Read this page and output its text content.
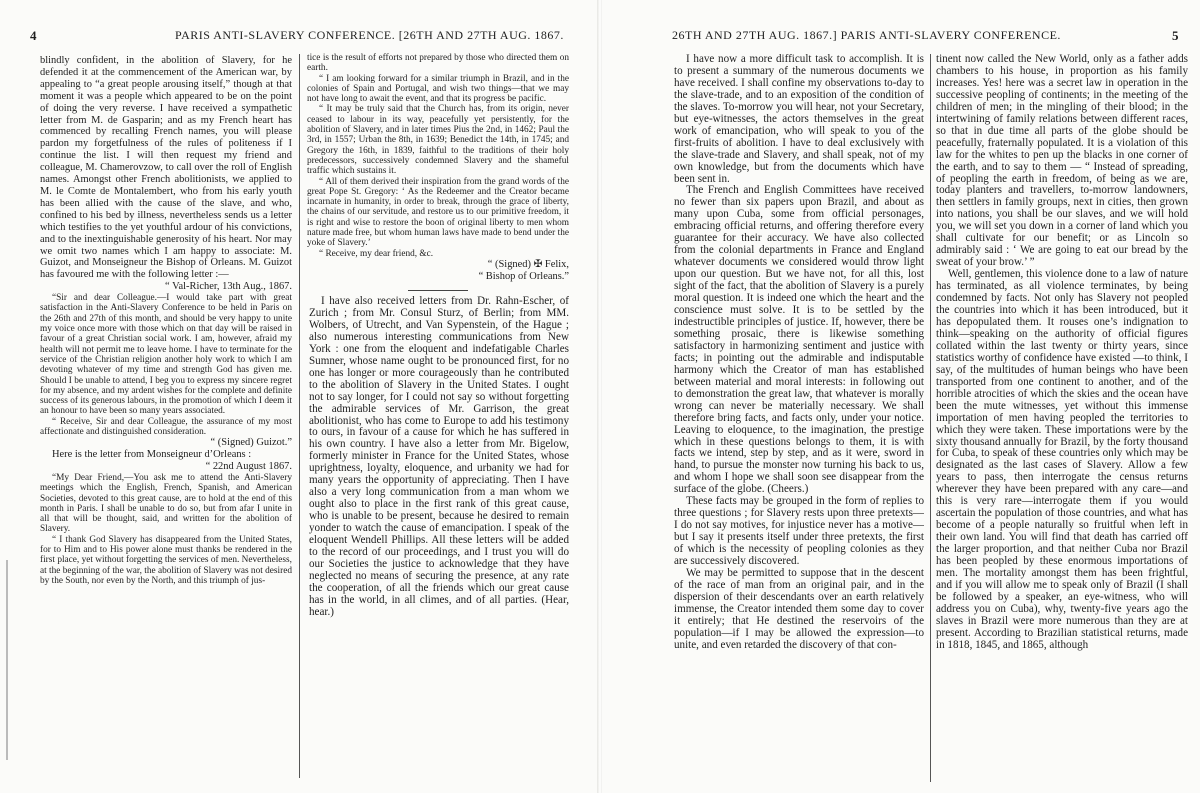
4	PARIS ANTI-SLAVERY CONFERENCE. [26TH AND 27TH AUG. 1867.

blindly confident, in the abolition of Slavery, for he defended it at the commencement of the American war, by appealing to “a great people arousing itself,” though at that moment it was a people which appeared to be on the point of doing the very reverse. I have received a sympathetic letter from M. de Gasparin; and as my French heart has commenced by recalling French names, you will please pardon my forgetfulness of the rules of politeness if I continue the list. I will then request my friend and colleague, M. Chamerovzow, to call over the roll of English names. Amongst other French abolitionists, we applied to M. le Comte de Montalembert, who from his early youth has been allied with the cause of the slave, and who, confined to his bed by illness, nevertheless sends us a letter which testifies to the yet youthful ardour of his convictions, and to the inextinguishable generosity of his heart. Nor may we omit two names which I am happy to associate: M. Guizot, and Monseigneur the Bishop of Orleans. M. Guizot has favoured me with the following letter :—

“ Val-Richer, 13th Aug., 1867.

“Sir and dear Colleague.—I would take part with great satisfaction in the Anti-Slavery Conference to be held in Paris on the 26th and 27th of this month, and should be very happy to unite my voice once more with those which on that day will be raised in favour of a great Christian social work. I am, however, afraid my health will not permit me to leave home. I have to terminate for the service of the Christian religion another holy work to which I am devoting whatever of my time and strength God has given me. Should I be unable to attend, I beg you to express my sincere regret for my absence, and my ardent wishes for the complete and definite success of its generous labours, in the promotion of which I deem it an honour to have been so many years associated.

“ Receive, Sir and dear Colleague, the assurance of my most affectionate and distinguished consideration.

“ (Signed) Guizot.”

Here is the letter from Monseigneur d’Orleans :

“ 22nd August 1867.

“My Dear Friend,—You ask me to attend the Anti-Slavery meetings which the English, French, Spanish, and American Societies, devoted to this great cause, are to hold at the end of this month in Paris. I shall be unable to do so, but from afar I unite in all that will be thought, said, and written for the abolition of Slavery.

“ I thank God Slavery has disappeared from the United States, for to Him and to His power alone must thanks be rendered in the first place, yet without forgetting the services of men. Nevertheless, at the beginning of the war, the abolition of Slavery was not desired by the South, nor even by the North, and this triumph of jus-

tice is the result of efforts not prepared by those who directed them on earth.

“ I am looking forward for a similar triumph in Brazil, and in the colonies of Spain and Portugal, and wish two things—that we may not have long to await the event, and that its progress be pacific.

“ It may be truly said that the Church has, from its origin, never ceased to labour in its way, peacefully yet persistently, for the abolition of Slavery, and in later times Pius the 2nd, in 1462; Paul the 3rd, in 1557; Urban the 8th, in 1639; Benedict the 14th, in 1745; and Gregory the 16th, in 1839, faithful to the traditions of their holy predecessors, successively condemned Slavery and the shameful traffic which sustains it.

“ All of them derived their inspiration from the grand words of the great Pope St. Gregory: ‘ As the Redeemer and the Creator became incarnate in humanity, in order to break, through the grace of liberty, the chains of our servitude, and restore us to our primitive freedom, it is right and wise to restore the boon of original liberty to men whom nature made free, but whom human laws have made to bend under the yoke of Slavery.’

“ Receive, my dear friend, &c.

“ (Signed) ✠ Felix,

“ Bishop of Orleans.”

I have also received letters from Dr. Rahn-Escher, of Zurich ; from Mr. Consul Sturz, of Berlin; from MM. Wolbers, of Utrecht, and Van Sypenstein, of the Hague ; also numerous interesting communications from New York : one from the eloquent and indefatigable Charles Sumner, whose name ought to be pronounced first, for no one has longer or more courageously than he contributed to the abolition of Slavery in the United States. I ought not to say longer, for I could not say so without forgetting the admirable services of Mr. Garrison, the great abolitionist, who has come to Europe to add his testimony to ours, in favour of a cause for which he has suffered in his own country. I have also a letter from Mr. Bigelow, formerly minister in France for the United States, whose uprightness, loyalty, eloquence, and urbanity we had for many years the opportunity of appreciating. Then I have also a very long communication from a man whom we ought also to place in the first rank of this great cause, who is unable to be present, because he desired to remain yonder to watch the cause of emancipation. I speak of the eloquent Wendell Phillips. All these letters will be added to the record of our proceedings, and I trust you will do our Societies the justice to acknowledge that they have neglected no means of securing the presence, at any rate the cooperation, of all the friends which our great cause has in the world, in all climes, and of all parties. (Hear, hear.)

26TH AND 27TH AUG. 1867.] PARIS ANTI-SLAVERY CONFERENCE.	5

I have now a more difficult task to accomplish. It is to present a summary of the numerous documents we have received. I shall confine my observations to-day to the slave-trade, and to an exposition of the condition of the slaves. To-morrow you will hear, not your Secretary, but eye-witnesses, the actors themselves in the great work of emancipation, who will speak to you of the first-fruits of abolition. I have to deal exclusively with the slave-trade and Slavery, and shall speak, not of my own knowledge, but from the documents which have been sent in.

The French and English Committees have received no fewer than six papers upon Brazil, and about as many upon Cuba, some from official personages, embracing official returns, and offering therefore every guarantee for their accuracy. We have also collected from the colonial departments in France and England whatever documents we considered would throw light upon our question. But we have not, for all this, lost sight of the fact, that the abolition of Slavery is a purely moral question. It is indeed one which the heart and the conscience must solve. It is to be settled by the indestructible principles of justice. If, however, there be something prosaic, there is likewise something satisfactory in harmonizing sentiment and justice with facts; in pointing out the admirable and indisputable harmony which the Creator of man has established between material and moral interests: in following out to demonstration the great law, that whatever is morally wrong can never be materially necessary. We shall therefore bring facts, and facts only, under your notice. Leaving to eloquence, to the imagination, the prestige which in these questions belongs to them, it is with facts we intend, step by step, and as it were, sword in hand, to pursue the monster now turning his back to us, and whom I hope we shall soon see disappear from the surface of the globe. (Cheers.)

These facts may be grouped in the form of replies to three questions ; for Slavery rests upon three pretexts—I do not say motives, for injustice never has a motive—but I say it presents itself under three pretexts, the first of which is the necessity of peopling colonies as they are successively discovered.

We may be permitted to suppose that in the descent of the race of man from an original pair, and in the dispersion of their descendants over an earth relatively immense, the Creator intended them some day to cover it entirely; that He destined the reservoirs of the population—if I may be allowed the expression—to unite, and even retarded the discovery of that con-

tinent now called the New World, only as a father adds chambers to his house, in proportion as his family increases. Yes! here was a secret law in operation in the successive peopling of continents; in the meeting of the children of men; in the mingling of their blood; in the intertwining of family relations between different races, so that in due time all parts of the globe should be peacefully, fraternally populated. It is a violation of this law for the whites to pen up the blacks in one corner of the earth, and to say to them — “ Instead of spreading, of peopling the earth in freedom, of being as we are, today planters and travellers, to-morrow landowners, then settlers in family groups, next in cities, then grown into nations, you shall be our slaves, and we will hold you, we will set you down in a corner of land which you shall cultivate for our benefit; or as Lincoln so admirably said : ‘ We are going to eat our bread by the sweat of your brow.’ ”

Well, gentlemen, this violence done to a law of nature has terminated, as all violence terminates, by being condemned by facts. Not only has Slavery not peopled the countries into which it has been introduced, but it has depopulated them. It rouses one’s indignation to think—speaking on the authority of official figures collated within the last twenty or thirty years, since statistics worthy of confidence have existed —to think, I say, of the multitudes of human beings who have been transported from one continent to another, and of the horrible atrocities of which the skies and the ocean have been the mute witnesses, yet without this immense importation of men having peopled the territories to which they were taken. These importations were by the sixty thousand annually for Brazil, by the forty thousand for Cuba, to speak of these countries only which may be designated as the last cases of Slavery. Allow a few years to pass, then interrogate the census returns wherever they have been prepared with any care—and this is very rare—interrogate them if you would ascertain the population of those countries, and what has become of a people naturally so fruitful when left in their own land. You will find that death has carried off the larger proportion, and that neither Cuba nor Brazil has been peopled by these enormous importations of men. The mortality amongst them has been frightful, and if you will allow me to speak only of Brazil (I shall be followed by a speaker, an eye-witness, who will address you on Cuba), why, twenty-five years ago the slaves in Brazil were more numerous than they are at present. According to Brazilian statistical returns, made in 1818, 1845, and 1865, although
